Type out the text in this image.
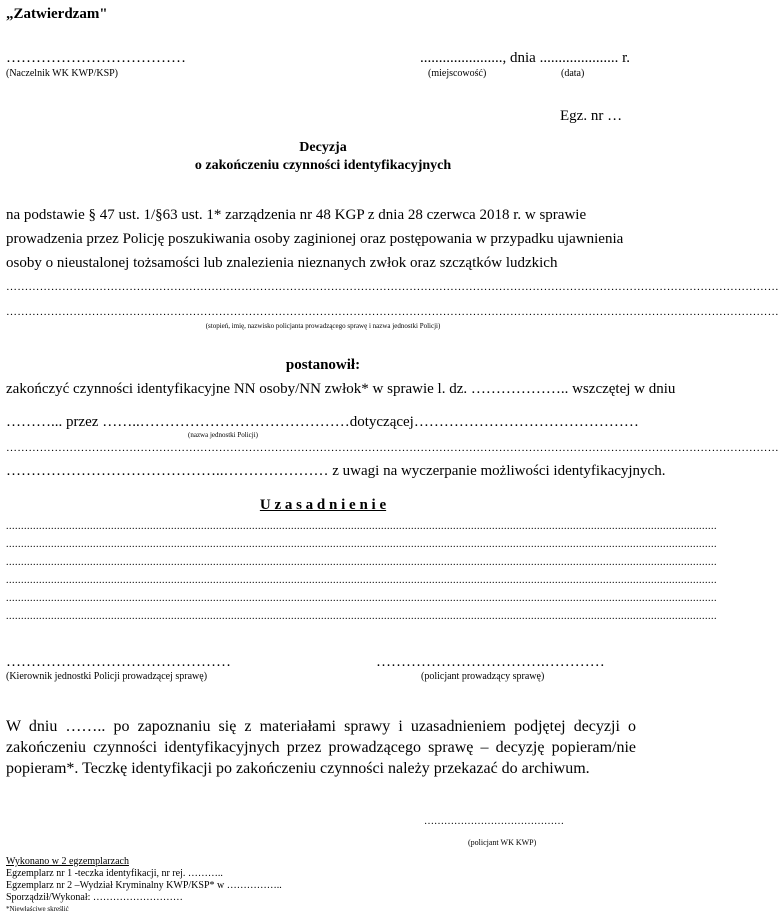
„Zatwierdzam"
………………………………
(Naczelnik WK KWP/KSP)
......................, dnia ..................... r.
(miejscowość)	(data)
Egz. nr …
Decyzja
o zakończeniu czynności identyfikacyjnych
na podstawie § 47 ust. 1/§63 ust. 1* zarządzenia nr 48 KGP z dnia 28 czerwca 2018 r. w sprawie prowadzenia przez Policję poszukiwania osoby zaginionej oraz postępowania w przypadku ujawnienia osoby o nieustalonej tożsamości lub znalezienia nieznanych zwłok oraz szczątków ludzkich
………………………………………………………………………………………………………………………………………………………………………………………
………………………………………………………………………………………………………………………………………………………………………………………
(stopień, imię, nazwisko policjanta prowadzącego sprawę i nazwa jednostki Policji)
postanowił:
zakończyć czynności identyfikacyjne NN osoby/NN zwłok* w sprawie l. dz. ……………….. wszczętej w dniu
………... przez ……..……………………………………dotyczącej………………………………………
(nazwa jednostki Policji)
………………………………………………………………………………………………………………………………………………………………………………………
……………………………………..………………… z uwagi na wyczerpanie możliwości identyfikacyjnych.
U z a s a d n i e n i e
.............................................................................................................................................................................................................................................
.............................................................................................................................................................................................................................................
.............................................................................................................................................................................................................................................
.............................................................................................................................................................................................................................................
.............................................................................................................................................................................................................................................
.............................................................................................................................................................................................................................................
………………………………………
(Kierownik jednostki Policji prowadzącej sprawę)
…………………………….…………
(policjant prowadzący sprawę)
W dniu …….. po zapoznaniu się z materiałami sprawy i uzasadnieniem podjętej decyzji o zakończeniu czynności identyfikacyjnych przez prowadzącego sprawę – decyzję popieram/nie popieram*. Teczkę identyfikacji po zakończeniu czynności należy przekazać do archiwum.
……………………………………
(policjant WK KWP)
Wykonano w 2 egzemplarzach
Egzemplarz nr 1 -teczka identyfikacji, nr rej. ………..
Egzemplarz nr 2 –Wydział Kryminalny KWP/KSP* w ……………..
Sporządził/Wykonał: ………………………
*Niewłaściwe skreślić
